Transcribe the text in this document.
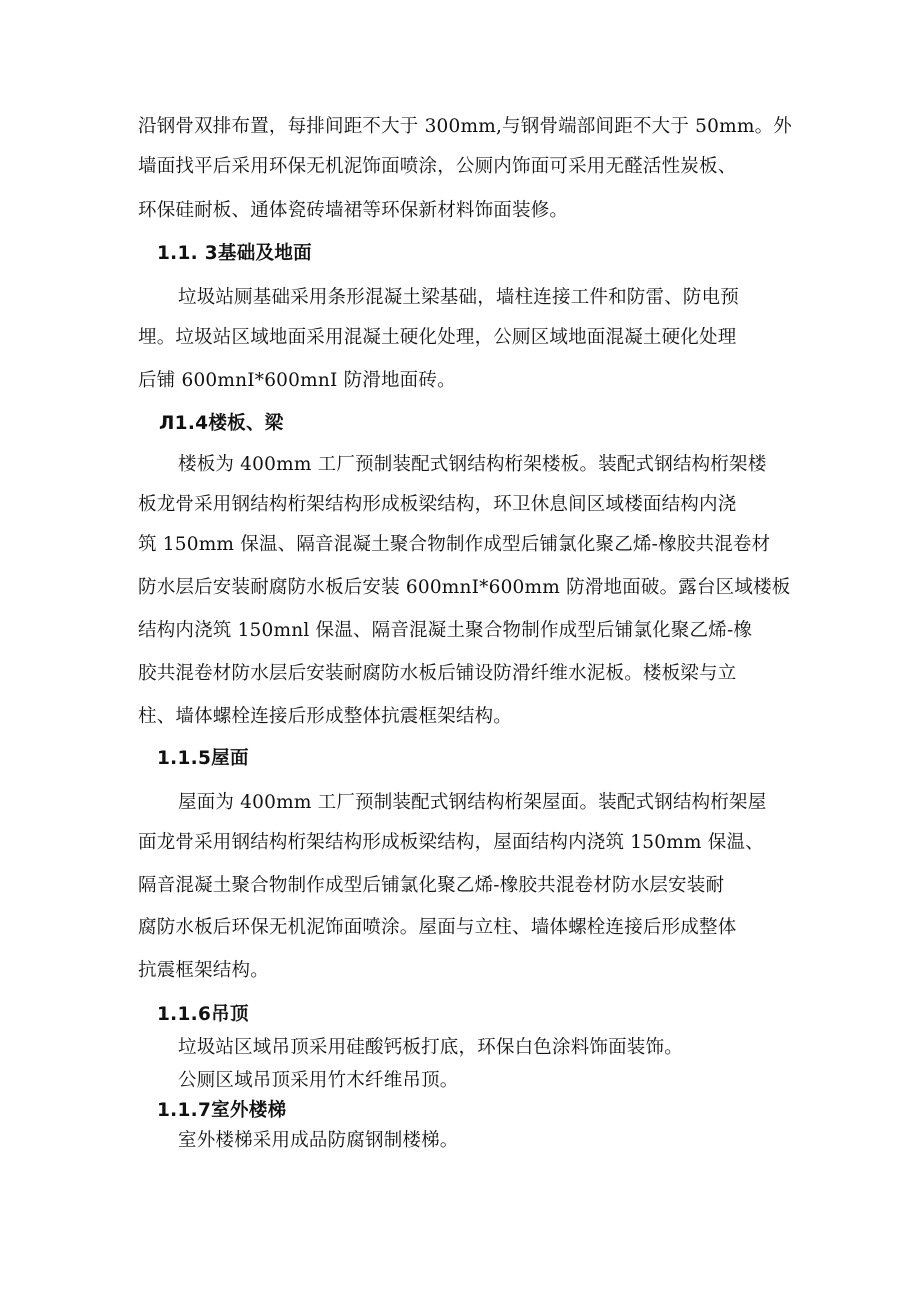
沿钢骨双排布置，每排间距不大于 300mm,与钢骨端部间距不大于 50mm。外
墙面找平后采用环保无机泥饰面喷涂，公厕内饰面可采用无醛活性炭板、
环保硅耐板、通体瓷砖墙裙等环保新材料饰面装修。
1.1. 3基础及地面
垃圾站厕基础采用条形混凝土梁基础，墙柱连接工件和防雷、防电预
埋。垃圾站区域地面采用混凝土硬化处理，公厕区域地面混凝土硬化处理
后铺 600mnI*600mnI 防滑地面砖。
Л1.4楼板、梁
楼板为 400mm 工厂预制装配式钢结构桁架楼板。装配式钢结构桁架楼
板龙骨采用钢结构桁架结构形成板梁结构，环卫休息间区域楼面结构内浇
筑 150mm 保温、隔音混凝土聚合物制作成型后铺氯化聚乙烯-橡胶共混卷材
防水层后安装耐腐防水板后安装 600mnI*600mm 防滑地面破。露台区域楼板
结构内浇筑 150mnl 保温、隔音混凝土聚合物制作成型后铺氯化聚乙烯-橡
胶共混卷材防水层后安装耐腐防水板后铺设防滑纤维水泥板。楼板梁与立
柱、墙体螺栓连接后形成整体抗震框架结构。
1.1.5屋面
屋面为 400mm 工厂预制装配式钢结构桁架屋面。装配式钢结构桁架屋
面龙骨采用钢结构桁架结构形成板梁结构，屋面结构内浇筑 150mm 保温、
隔音混凝土聚合物制作成型后铺氯化聚乙烯-橡胶共混卷材防水层安装耐
腐防水板后环保无机泥饰面喷涂。屋面与立柱、墙体螺栓连接后形成整体
抗震框架结构。
1.1.6吊顶
垃圾站区域吊顶采用硅酸钙板打底，环保白色涂料饰面装饰。
公厕区域吊顶采用竹木纤维吊顶。
1.1.7室外楼梯
室外楼梯采用成品防腐钢制楼梯。
